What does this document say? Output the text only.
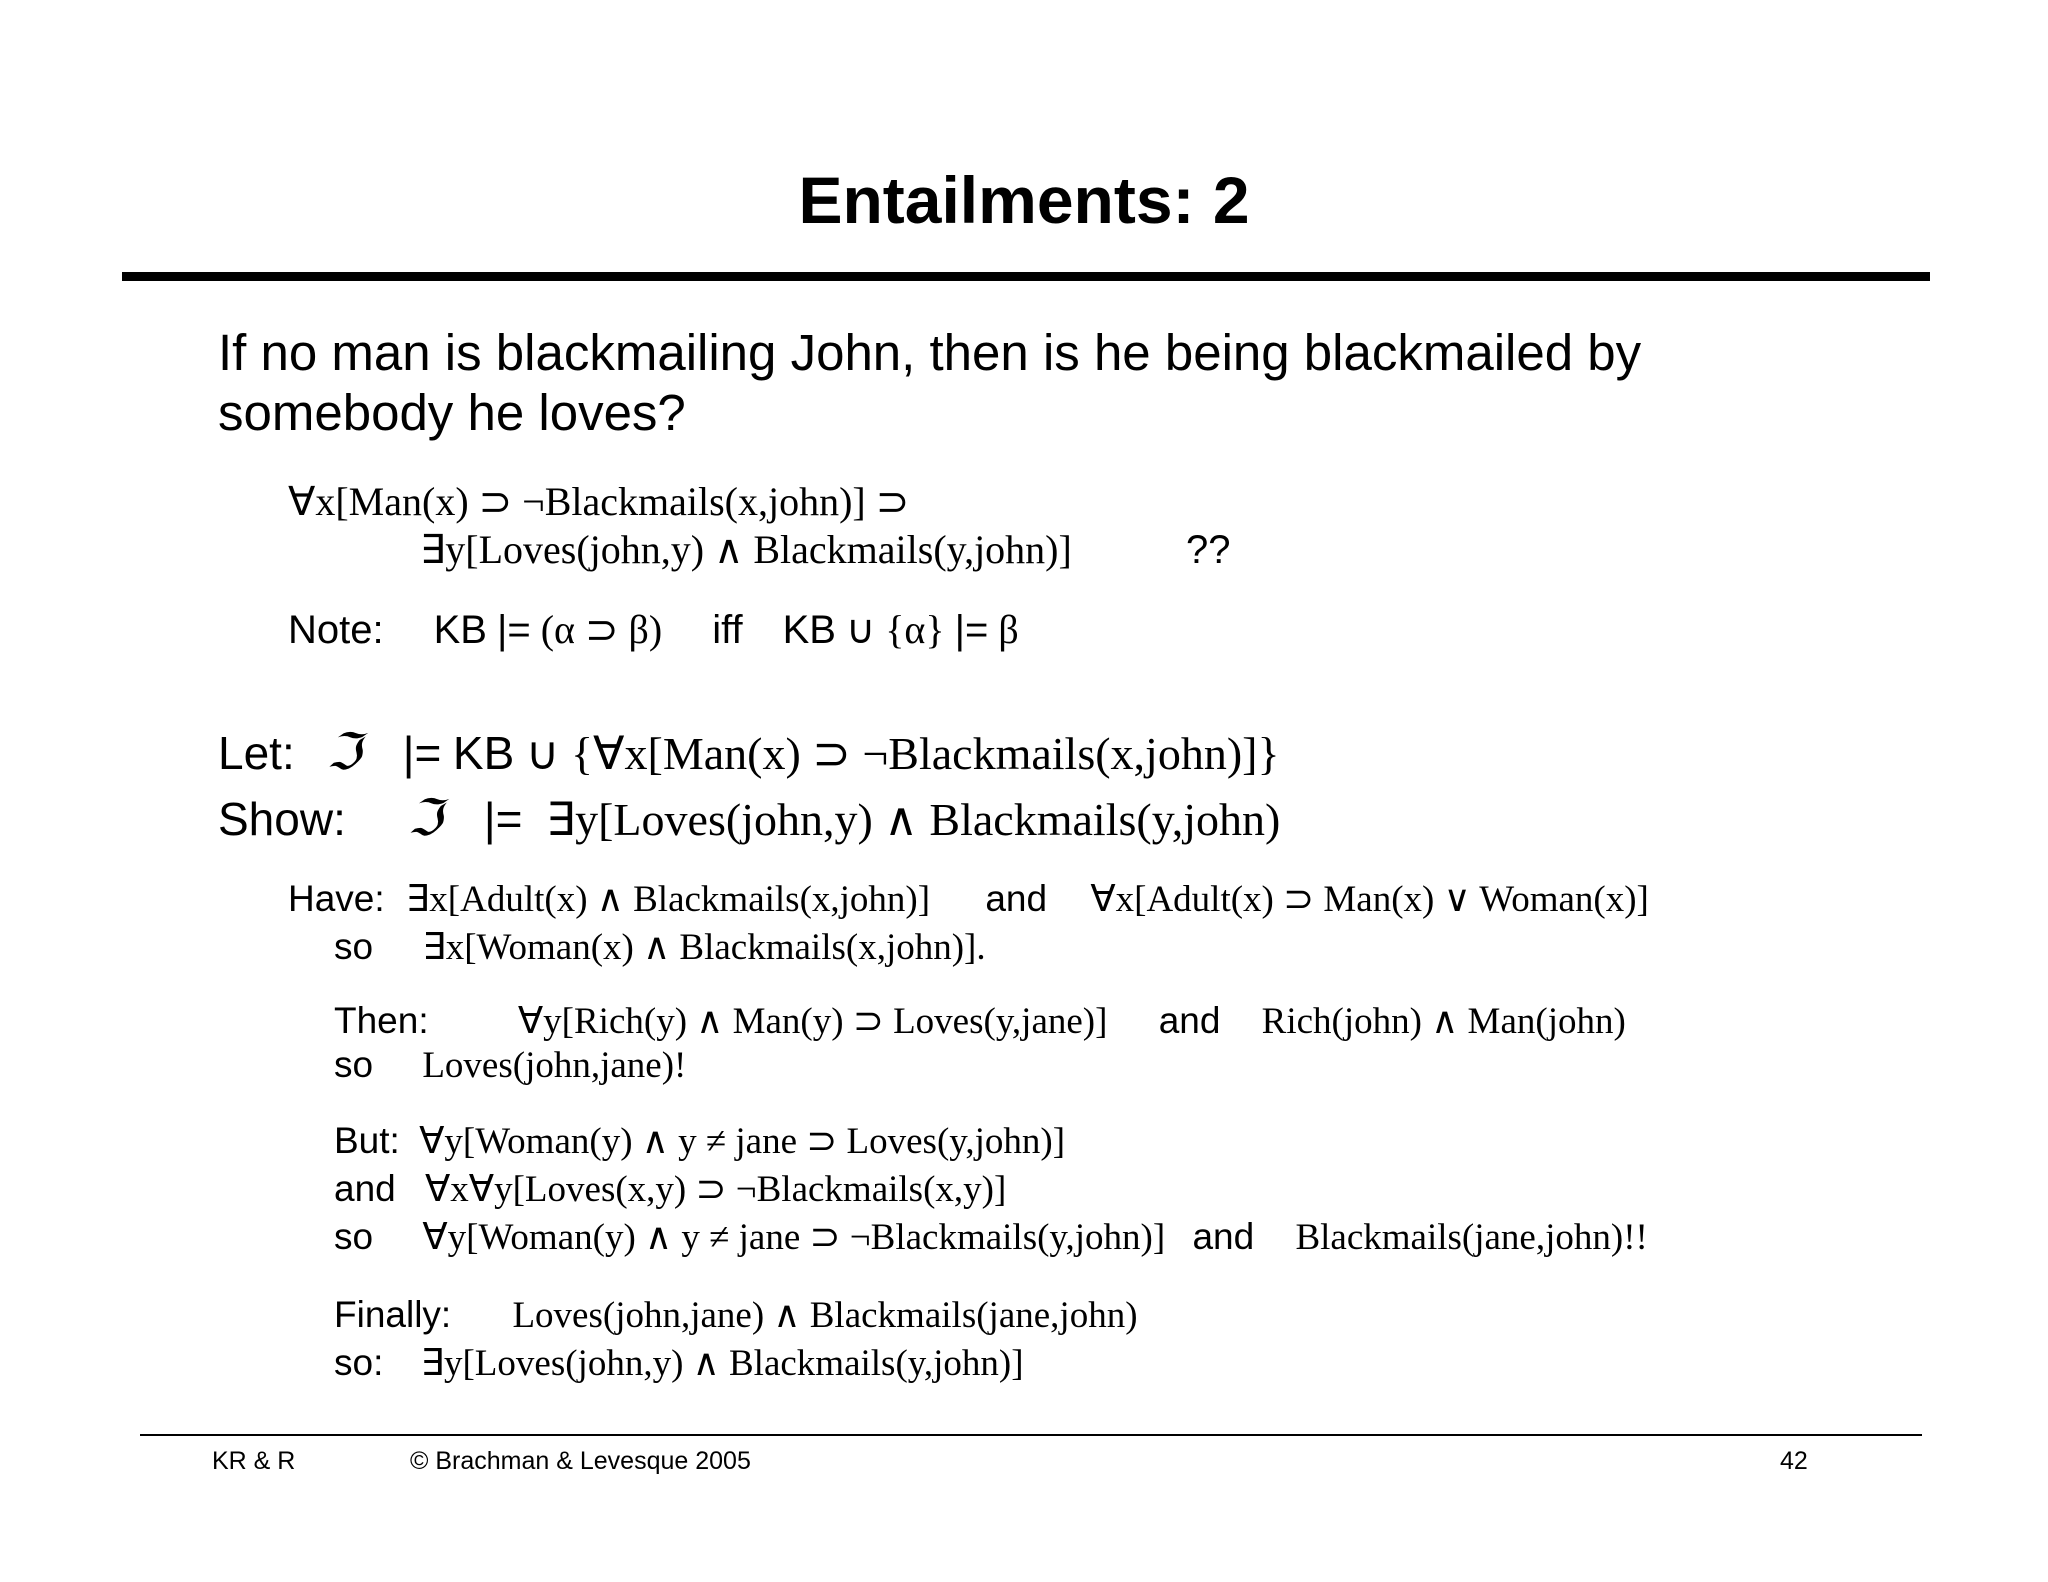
Entailments: 2
If no man is blackmailing John, then is he being blackmailed by
somebody he loves?
∀x[Man(x) ⊃ ¬Blackmails(x,john)] ⊃
∃y[Loves(john,y) ∧ Blackmails(y,john)]	??
Note: KB |= (α ⊃ β) iff KB ∪ {α} |= β
Let: ℑ |= KB ∪ {∀x[Man(x) ⊃ ¬Blackmails(x,john)]}
Show: ℑ |= ∃y[Loves(john,y) ∧ Blackmails(y,john)
Have: ∃x[Adult(x) ∧ Blackmails(x,john)] and ∀x[Adult(x) ⊃ Man(x) ∨ Woman(x)]
so ∃x[Woman(x) ∧ Blackmails(x,john)].
Then: ∀y[Rich(y) ∧ Man(y) ⊃ Loves(y,jane)] and Rich(john) ∧ Man(john)
so Loves(john,jane)!
But: ∀y[Woman(y) ∧ y ≠ jane ⊃ Loves(y,john)]
and ∀x∀y[Loves(x,y) ⊃ ¬Blackmails(x,y)]
so ∀y[Woman(y) ∧ y ≠ jane ⊃ ¬Blackmails(y,john)] and Blackmails(jane,john)!!
Finally: Loves(john,jane) ∧ Blackmails(jane,john)
so: ∃y[Loves(john,y) ∧ Blackmails(y,john)]
KR & R	© Brachman & Levesque 2005	42
